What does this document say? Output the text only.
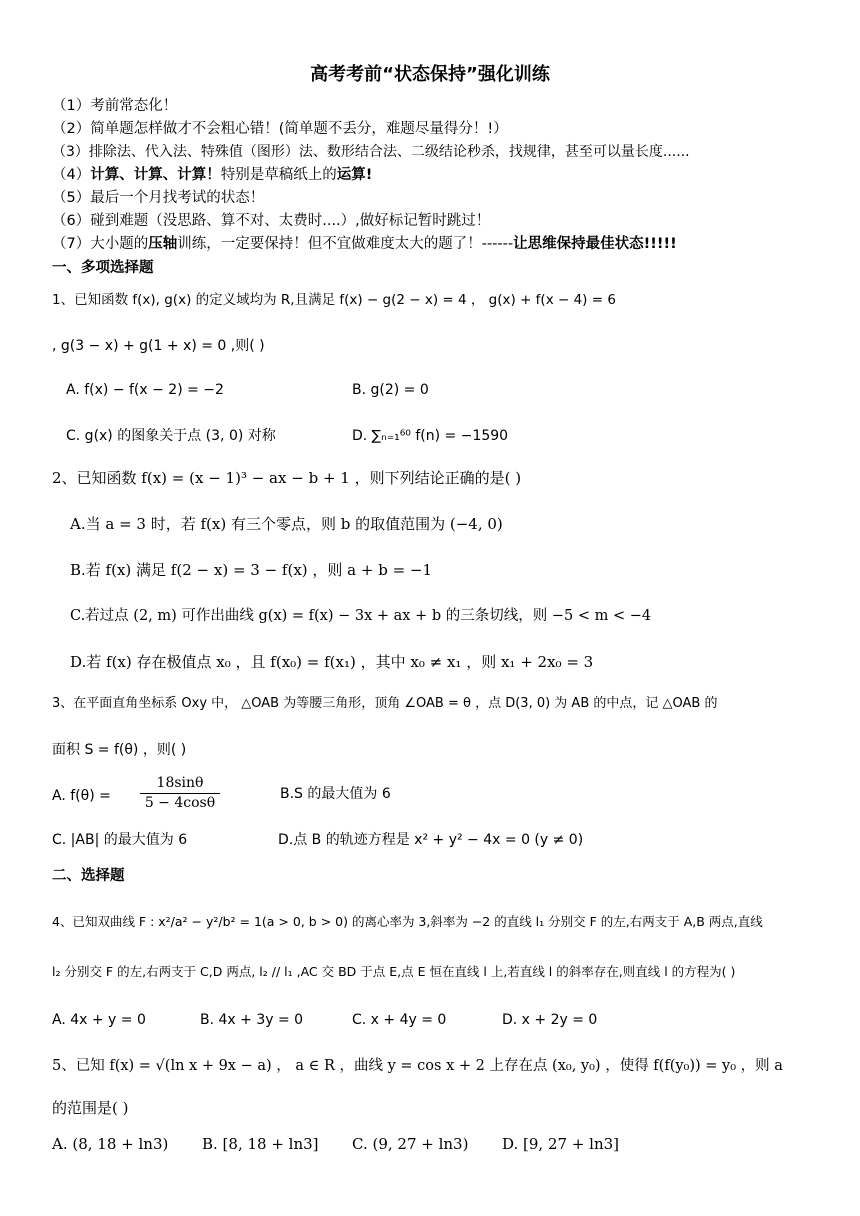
高考考前“状态保持”强化训练
（1）考前常态化！
（2）简单题怎样做才不会粗心错！(简单题不丢分，难题尽量得分！!）
（3）排除法、代入法、特殊值（图形）法、数形结合法、二级结论秒杀，找规律，甚至可以量长度......
（4）计算、计算、计算！特别是草稿纸上的运算!
（5）最后一个月找考试的状态！
（6）碰到难题（没思路、算不对、太费时....）,做好标记暂时跳过！
（7）大小题的压轴训练，一定要保持！但不宜做难度太大的题了！------让思维保持最佳状态!!!!!
一、多项选择题
1、已知函数 f(x), g(x) 的定义域均为 R,且满足 f(x) − g(2 − x) = 4 ， g(x) + f(x − 4) = 6
, g(3 − x) + g(1 + x) = 0 ,则( )
A. f(x) − f(x − 2) = −2	B. g(2) = 0
C. g(x) 的图象关于点 (3, 0) 对称	D. ∑ₙ₌₁⁶⁰ f(n) = −1590
2、已知函数 f(x) = (x − 1)³ − ax − b + 1 ，则下列结论正确的是( )
A.当 a = 3 时，若 f(x) 有三个零点，则 b 的取值范围为 (−4, 0)
B.若 f(x) 满足 f(2 − x) = 3 − f(x) ，则 a + b = −1
C.若过点 (2, m) 可作出曲线 g(x) = f(x) − 3x + ax + b 的三条切线，则 −5 < m < −4
D.若 f(x) 存在极值点 x₀ ，且 f(x₀) = f(x₁) ，其中 x₀ ≠ x₁ ，则 x₁ + 2x₀ = 3
3、在平面直角坐标系 Oxy 中， △OAB 为等腰三角形，顶角 ∠OAB = θ ，点 D(3, 0) 为 AB 的中点，记 △OAB 的
面积 S = f(θ) ，则( )
A. $f(\theta) = \frac{18\sin\theta}{5 - 4\cos\theta}$	B.S 的最大值为 6
C. |AB| 的最大值为 6	D.点 B 的轨迹方程是 x² + y² − 4x = 0 (y ≠ 0)
二、选择题
4、已知双曲线 F : x²/a² − y²/b² = 1(a > 0, b > 0) 的离心率为 3,斜率为 −2 的直线 l₁ 分别交 F 的左,右两支于 A,B 两点,直线
l₂ 分别交 F 的左,右两支于 C,D 两点, l₂ // l₁ ,AC 交 BD 于点 E,点 E 恒在直线 l 上,若直线 l 的斜率存在,则直线 l 的方程为( )
A. 4x + y = 0	B. 4x + 3y = 0	C. x + 4y = 0	D. x + 2y = 0
5、已知 f(x) = √(ln x + 9x − a) ， a ∈ R ，曲线 y = cos x + 2 上存在点 (x₀, y₀) ，使得 f(f(y₀)) = y₀ ，则 a
的范围是( )
A. (8, 18 + ln3) B. [8, 18 + ln3] C. (9, 27 + ln3) D. [9, 27 + ln3]
